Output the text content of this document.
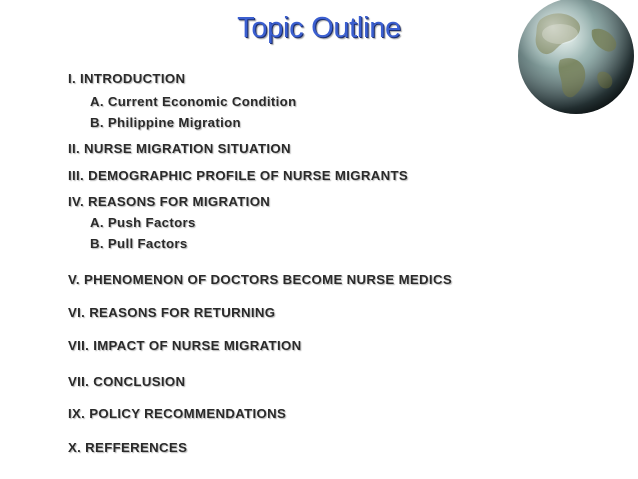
Topic Outline
I. INTRODUCTION
A. Current Economic Condition
B. Philippine Migration
II. NURSE MIGRATION SITUATION
III. DEMOGRAPHIC PROFILE OF NURSE MIGRANTS
IV. REASONS FOR MIGRATION
A. Push Factors
B. Pull Factors
V. PHENOMENON OF DOCTORS BECOME NURSE MEDICS
VI. REASONS FOR RETURNING
VII. IMPACT OF NURSE MIGRATION
VII. CONCLUSION
IX. POLICY RECOMMENDATIONS
X. REFFERENCES
